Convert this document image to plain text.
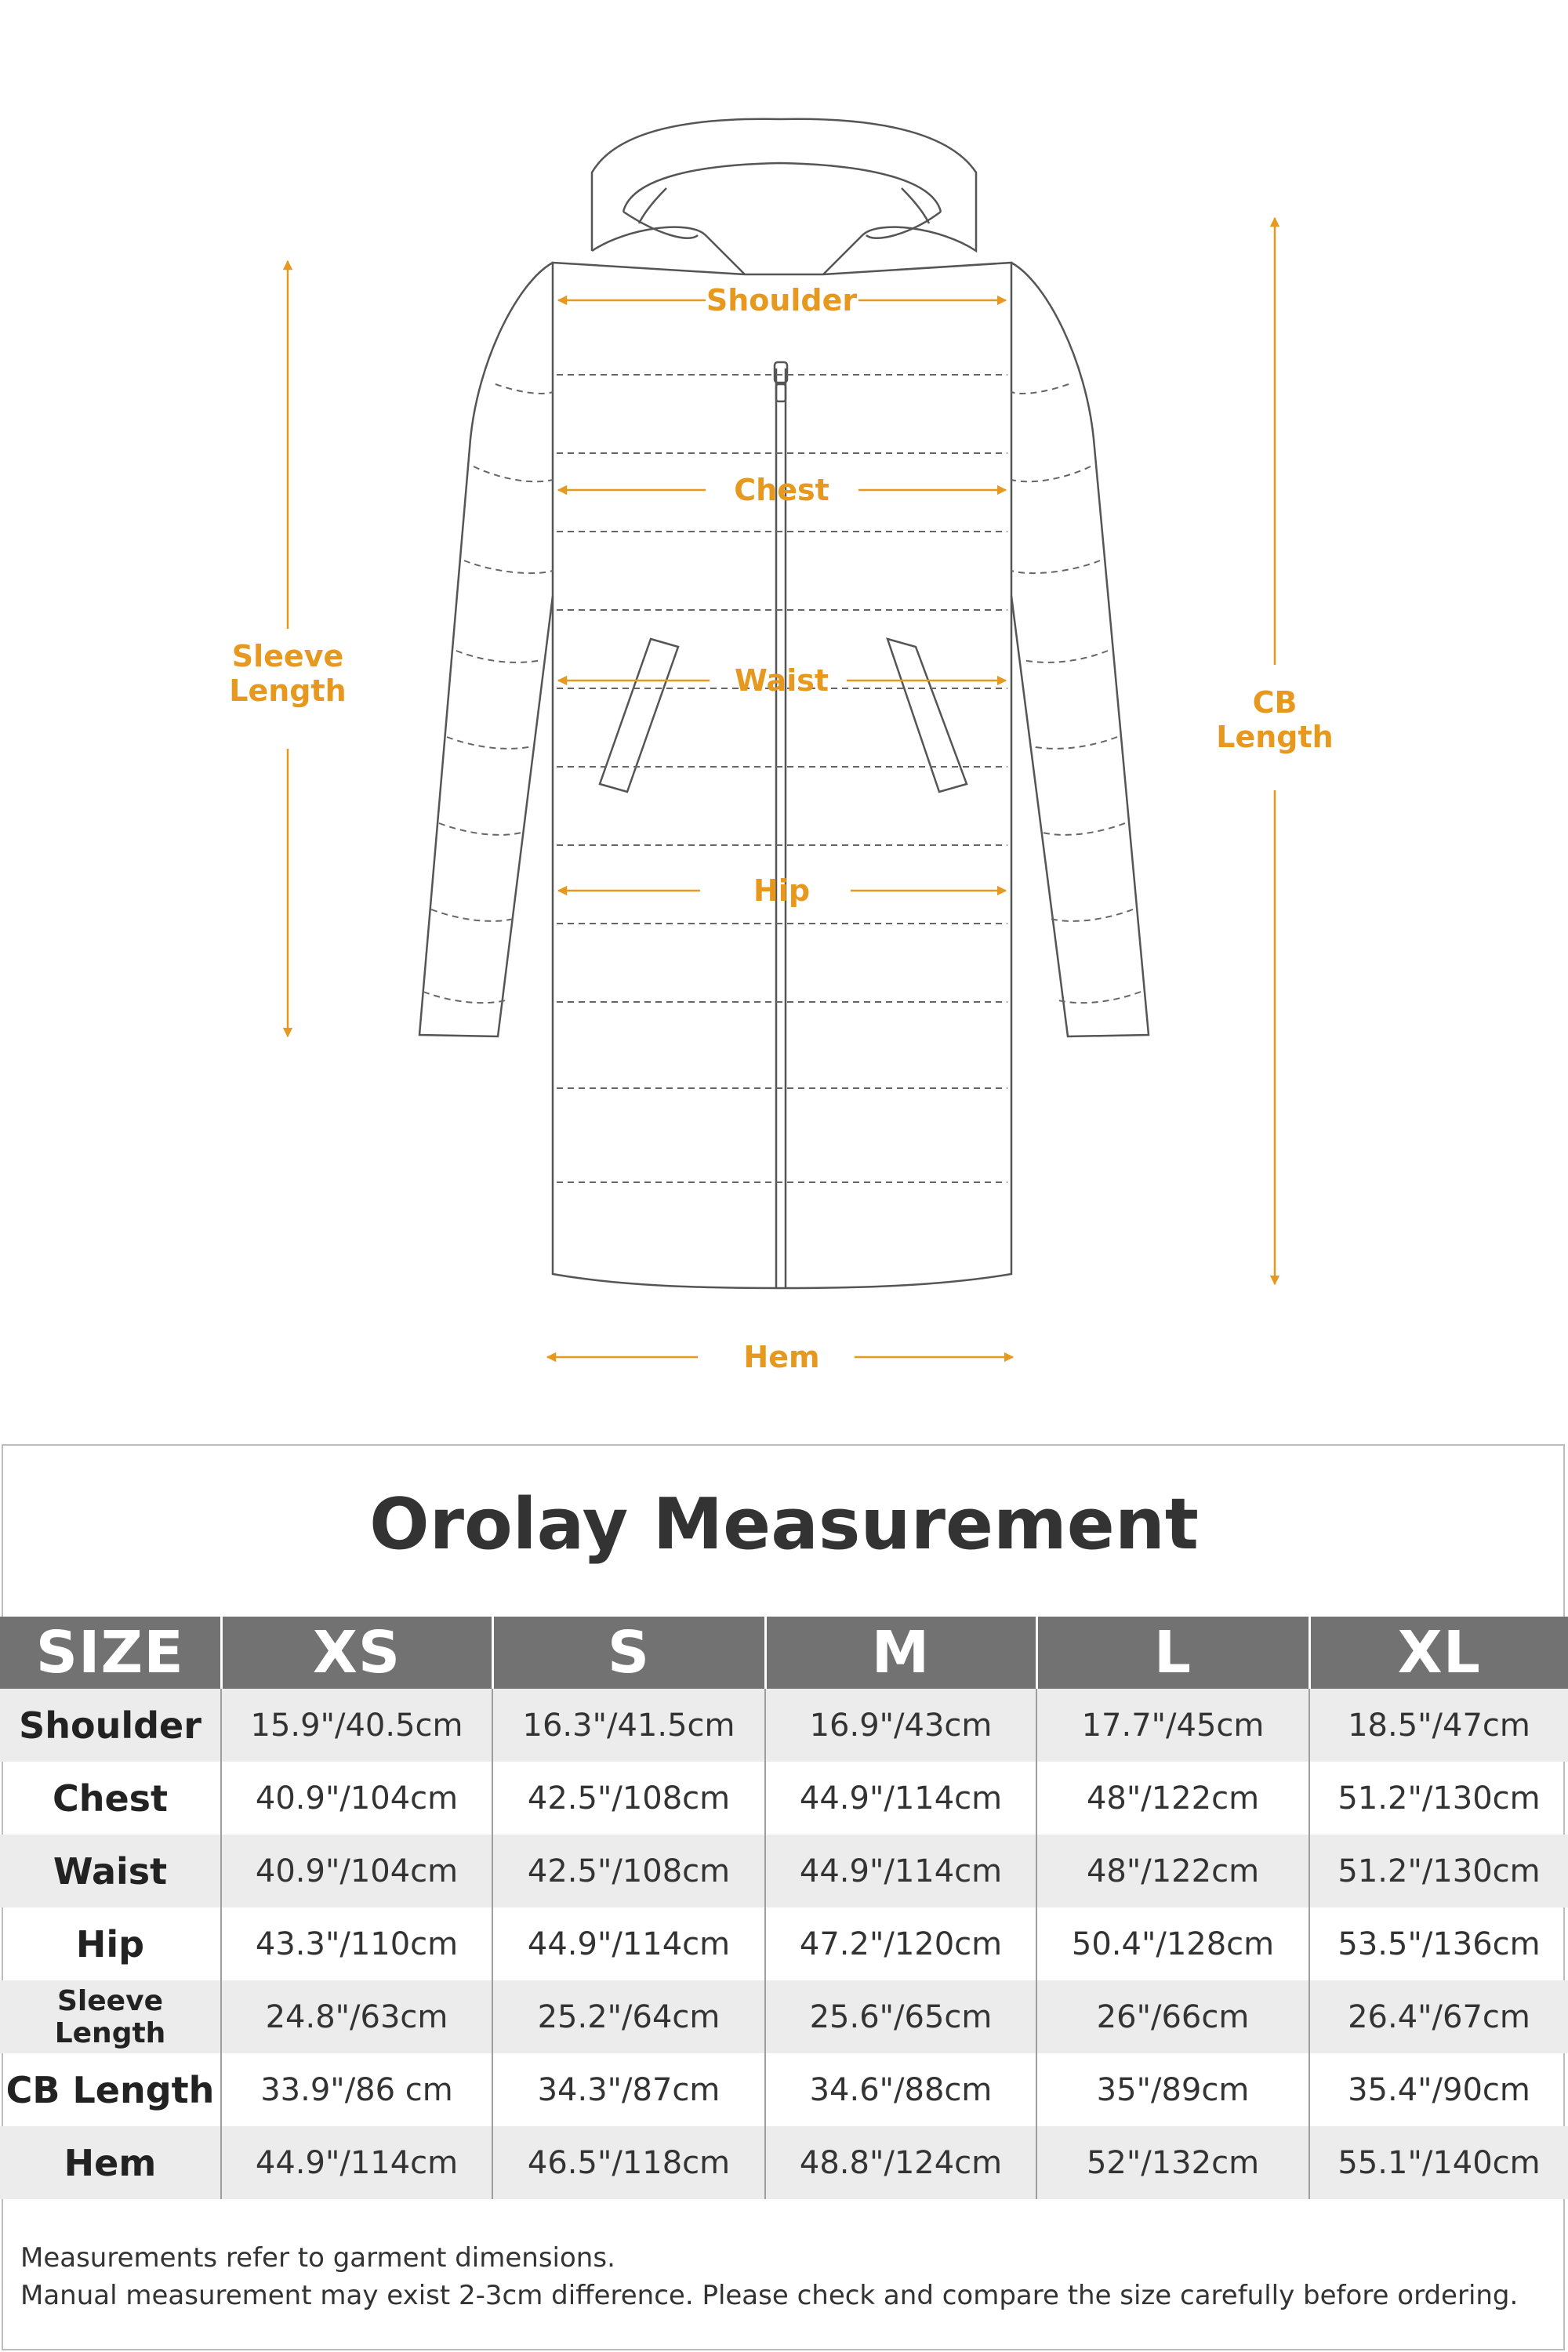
Shoulder
Chest
Waist
Hip
Hem
Sleeve
Length	CB
Length
Orolay Measurement
SIZE	XS	S	M	L	XL
Shoulder	15.9"/40.5cm	16.3"/41.5cm	16.9"/43cm	17.7"/45cm	18.5"/47cm
Chest	40.9"/104cm	42.5"/108cm	44.9"/114cm	48"/122cm	51.2"/130cm
Waist	40.9"/104cm	42.5"/108cm	44.9"/114cm	48"/122cm	51.2"/130cm
Hip	43.3"/110cm	44.9"/114cm	47.2"/120cm	50.4"/128cm	53.5"/136cm
Sleeve Length	24.8"/63cm	25.2"/64cm	25.6"/65cm	26"/66cm	26.4"/67cm
CB Length	33.9"/86 cm	34.3"/87cm	34.6"/88cm	35"/89cm	35.4"/90cm
Hem	44.9"/114cm	46.5"/118cm	48.8"/124cm	52"/132cm	55.1"/140cm
Measurements refer to garment dimensions.
Manual measurement may exist 2-3cm difference. Please check and compare the size carefully before ordering.
